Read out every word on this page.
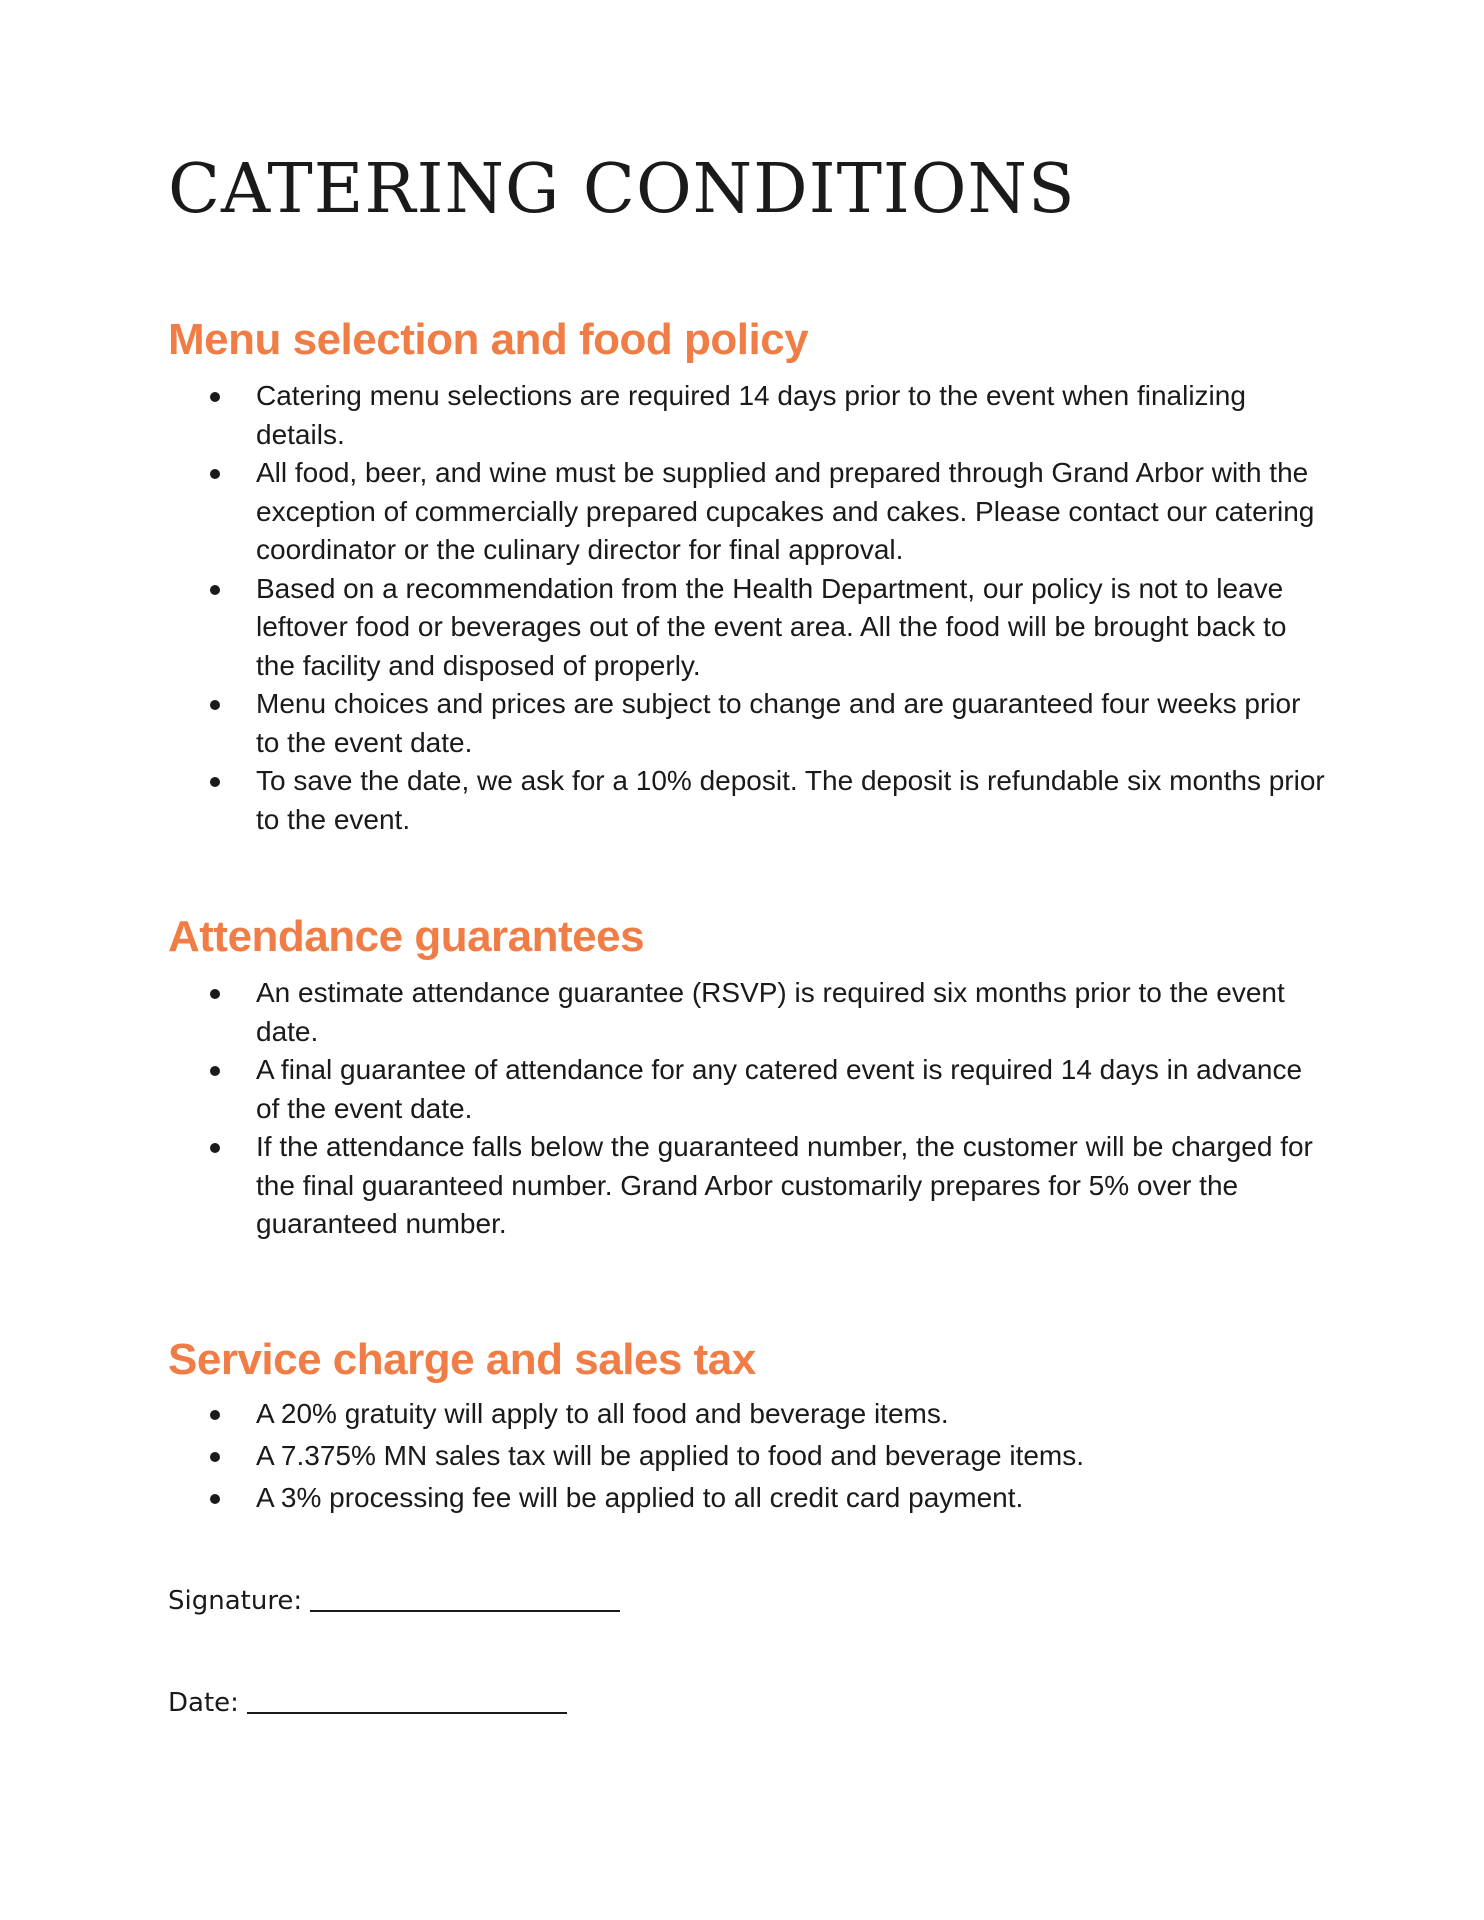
CATERING CONDITIONS
Menu selection and food policy
Catering menu selections are required 14 days prior to the event when finalizing details.
All food, beer, and wine must be supplied and prepared through Grand Arbor with the exception of commercially prepared cupcakes and cakes. Please contact our catering coordinator or the culinary director for final approval.
Based on a recommendation from the Health Department, our policy is not to leave leftover food or beverages out of the event area. All the food will be brought back to the facility and disposed of properly.
Menu choices and prices are subject to change and are guaranteed four weeks prior to the event date.
To save the date, we ask for a 10% deposit. The deposit is refundable six months prior to the event.
Attendance guarantees
An estimate attendance guarantee (RSVP) is required six months prior to the event date.
A final guarantee of attendance for any catered event is required 14 days in advance of the event date.
If the attendance falls below the guaranteed number, the customer will be charged for the final guaranteed number. Grand Arbor customarily prepares for 5% over the guaranteed number.
Service charge and sales tax
A 20% gratuity will apply to all food and beverage items.
A 7.375% MN sales tax will be applied to food and beverage items.
A 3% processing fee will be applied to all credit card payment.
Signature:
Date:
